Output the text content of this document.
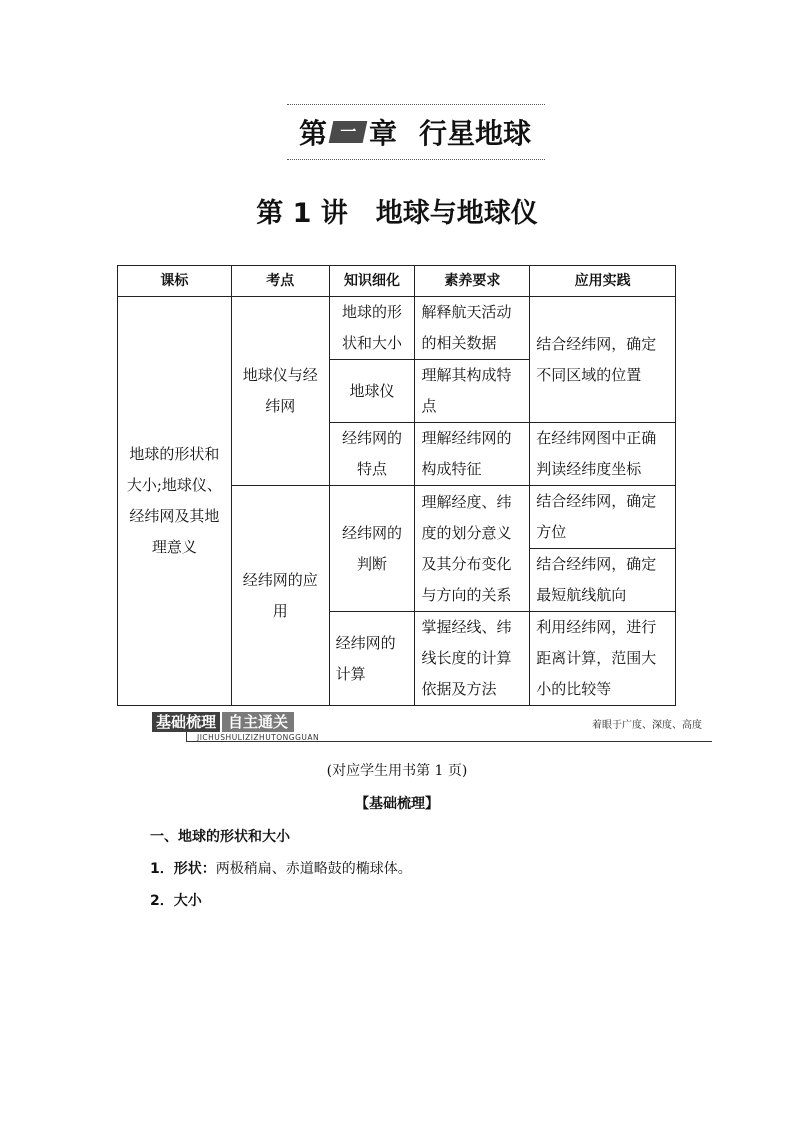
第 一 章 行星地球
第 1 讲 地球与地球仪
课标	考点	知识细化	素养要求	应用实践
地球的形状和大小;地球仪、经纬网及其地理意义	地球仪与经纬网	地球的形状和大小	解释航天活动的相关数据	结合经纬网，确定不同区域的位置
		地球仪	理解其构成特点	
		经纬网的特点	理解经纬网的构成特征	在经纬网图中正确判读经纬度坐标
	经纬网的应用	经纬网的判断	理解经度、纬度的划分意义及其分布变化与方向的关系	结合经纬网，确定方位
				结合经纬网，确定最短航线航向
		经纬网的计算	掌握经线、纬线长度的计算依据及方法	利用经纬网，进行距离计算，范围大小的比较等

基础梳理 自主通关
JICHUSHULIZIZHUTONGGUAN
着眼于广度、深度、高度
(对应学生用书第 1 页)
【基础梳理】
一、地球的形状和大小
1．形状：两极稍扁、赤道略鼓的椭球体。
2．大小
